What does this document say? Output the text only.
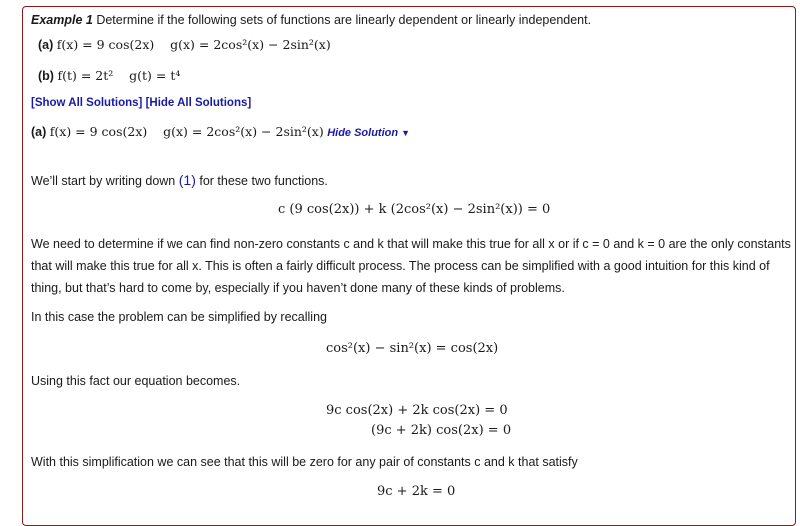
Example 1 Determine if the following sets of functions are linearly dependent or linearly independent.
(a) f(x) = 9 cos(2x)    g(x) = 2cos²(x) − 2sin²(x)
(b) f(t) = 2t²    g(t) = t⁴
[Show All Solutions] [Hide All Solutions]
(a) f(x) = 9 cos(2x)    g(x) = 2cos²(x) − 2sin²(x) Hide Solution ▼
We’ll start by writing down (1) for these two functions.
c (9 cos(2x)) + k (2cos²(x) − 2sin²(x)) = 0
We need to determine if we can find non-zero constants c and k that will make this true for all x or if c = 0 and k = 0 are the only constants
that will make this true for all x. This is often a fairly difficult process. The process can be simplified with a good intuition for this kind of
thing, but that’s hard to come by, especially if you haven’t done many of these kinds of problems.
In this case the problem can be simplified by recalling
cos²(x) − sin²(x) = cos(2x)
Using this fact our equation becomes.
9c cos(2x) + 2k cos(2x) = 0
(9c + 2k) cos(2x) = 0
With this simplification we can see that this will be zero for any pair of constants c and k that satisfy
9c + 2k = 0
